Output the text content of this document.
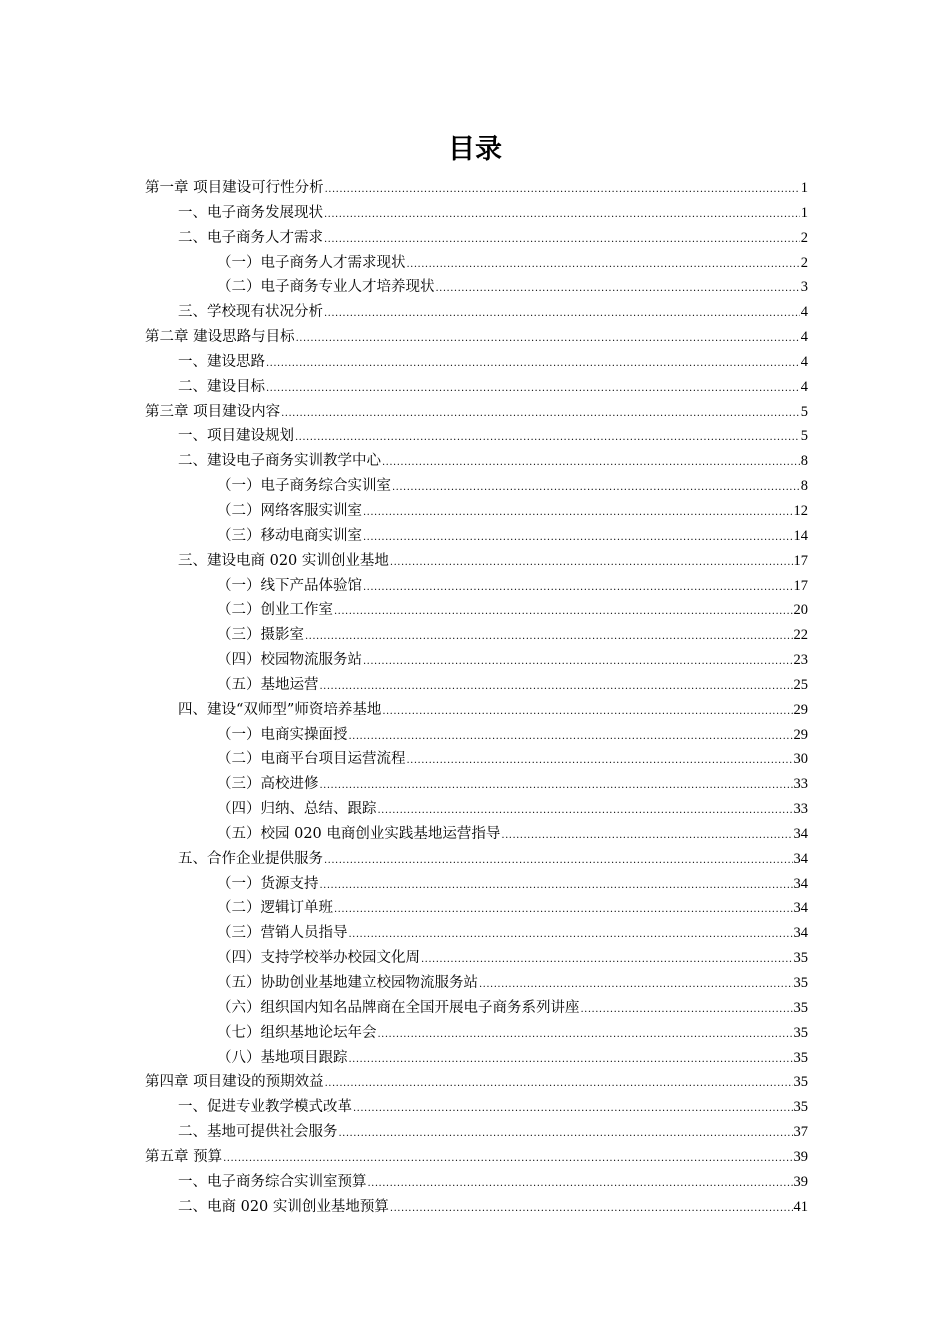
目录
第一章 项目建设可行性分析 .....	1
一、电子商务发展现状 .....	1
二、电子商务人才需求 .....	2
（一）电子商务人才需求现状 .....	2
（二）电子商务专业人才培养现状 .....	3
三、学校现有状况分析 .....	4
第二章 建设思路与目标 .....	4
一、建设思路 .....	4
二、建设目标 .....	4
第三章 项目建设内容 .....	5
一、项目建设规划 .....	5
二、建设电子商务实训教学中心 .....	8
（一）电子商务综合实训室 .....	8
（二）网络客服实训室 .....	12
（三）移动电商实训室 .....	14
三、建设电商 020 实训创业基地 .....	17
（一）线下产品体验馆 .....	17
（二）创业工作室 .....	20
（三）摄影室 .....	22
（四）校园物流服务站 .....	23
（五）基地运营 .....	25
四、建设“双师型”师资培养基地 .....	29
（一）电商实操面授 .....	29
（二）电商平台项目运营流程 .....	30
（三）高校进修 .....	33
（四）归纳、总结、跟踪 .....	33
（五）校园 020 电商创业实践基地运营指导 .....	34
五、合作企业提供服务 .....	34
（一）货源支持 .....	34
（二）逻辑订单班 .....	34
（三）营销人员指导 .....	34
（四）支持学校举办校园文化周 .....	35
（五）协助创业基地建立校园物流服务站 .....	35
（六）组织国内知名品牌商在全国开展电子商务系列讲座 .....	35
（七）组织基地论坛年会 .....	35
（八）基地项目跟踪 .....	35
第四章 项目建设的预期效益 .....	35
一、促进专业教学模式改革 .....	35
二、基地可提供社会服务 .....	37
第五章 预算 .....	39
一、电子商务综合实训室预算 .....	39
二、电商 020 实训创业基地预算 .....	41
